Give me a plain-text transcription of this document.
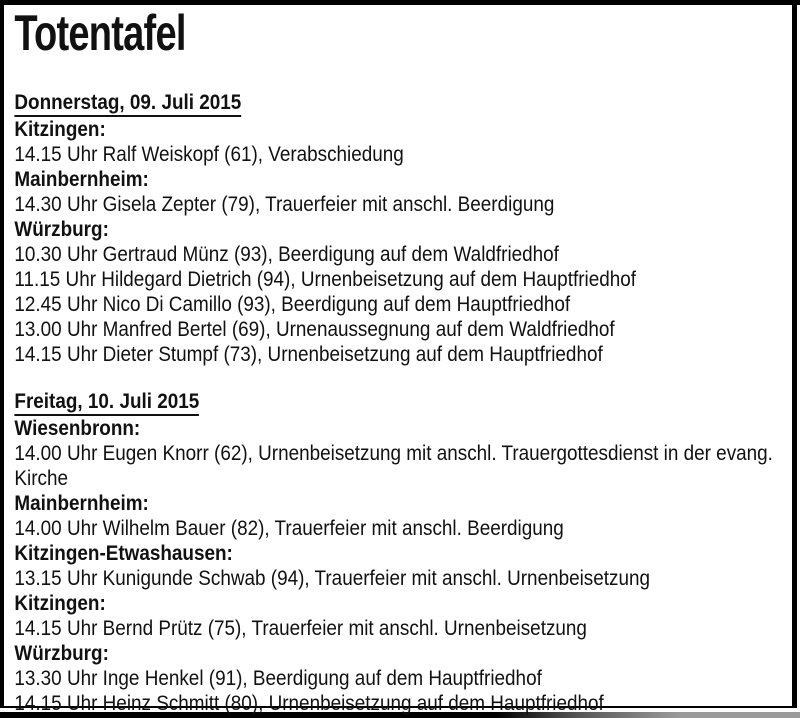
Totentafel
Donnerstag, 09. Juli 2015
Kitzingen:
14.15 Uhr Ralf Weiskopf (61), Verabschiedung
Mainbernheim:
14.30 Uhr Gisela Zepter (79), Trauerfeier mit anschl. Beerdigung
Würzburg:
10.30 Uhr Gertraud Münz (93), Beerdigung auf dem Waldfriedhof
11.15 Uhr Hildegard Dietrich (94), Urnenbeisetzung auf dem Hauptfriedhof
12.45 Uhr Nico Di Camillo (93), Beerdigung auf dem Hauptfriedhof
13.00 Uhr Manfred Bertel (69), Urnenaussegnung auf dem Waldfriedhof
14.15 Uhr Dieter Stumpf (73), Urnenbeisetzung auf dem Hauptfriedhof
Freitag, 10. Juli 2015
Wiesenbronn:
14.00 Uhr Eugen Knorr (62), Urnenbeisetzung mit anschl. Trauergottesdienst in der evang.
Kirche
Mainbernheim:
14.00 Uhr Wilhelm Bauer (82), Trauerfeier mit anschl. Beerdigung
Kitzingen-Etwashausen:
13.15 Uhr Kunigunde Schwab (94), Trauerfeier mit anschl. Urnenbeisetzung
Kitzingen:
14.15 Uhr Bernd Prütz (75), Trauerfeier mit anschl. Urnenbeisetzung
Würzburg:
13.30 Uhr Inge Henkel (91), Beerdigung auf dem Hauptfriedhof
14.15 Uhr Heinz Schmitt (80), Urnenbeisetzung auf dem Hauptfriedhof
